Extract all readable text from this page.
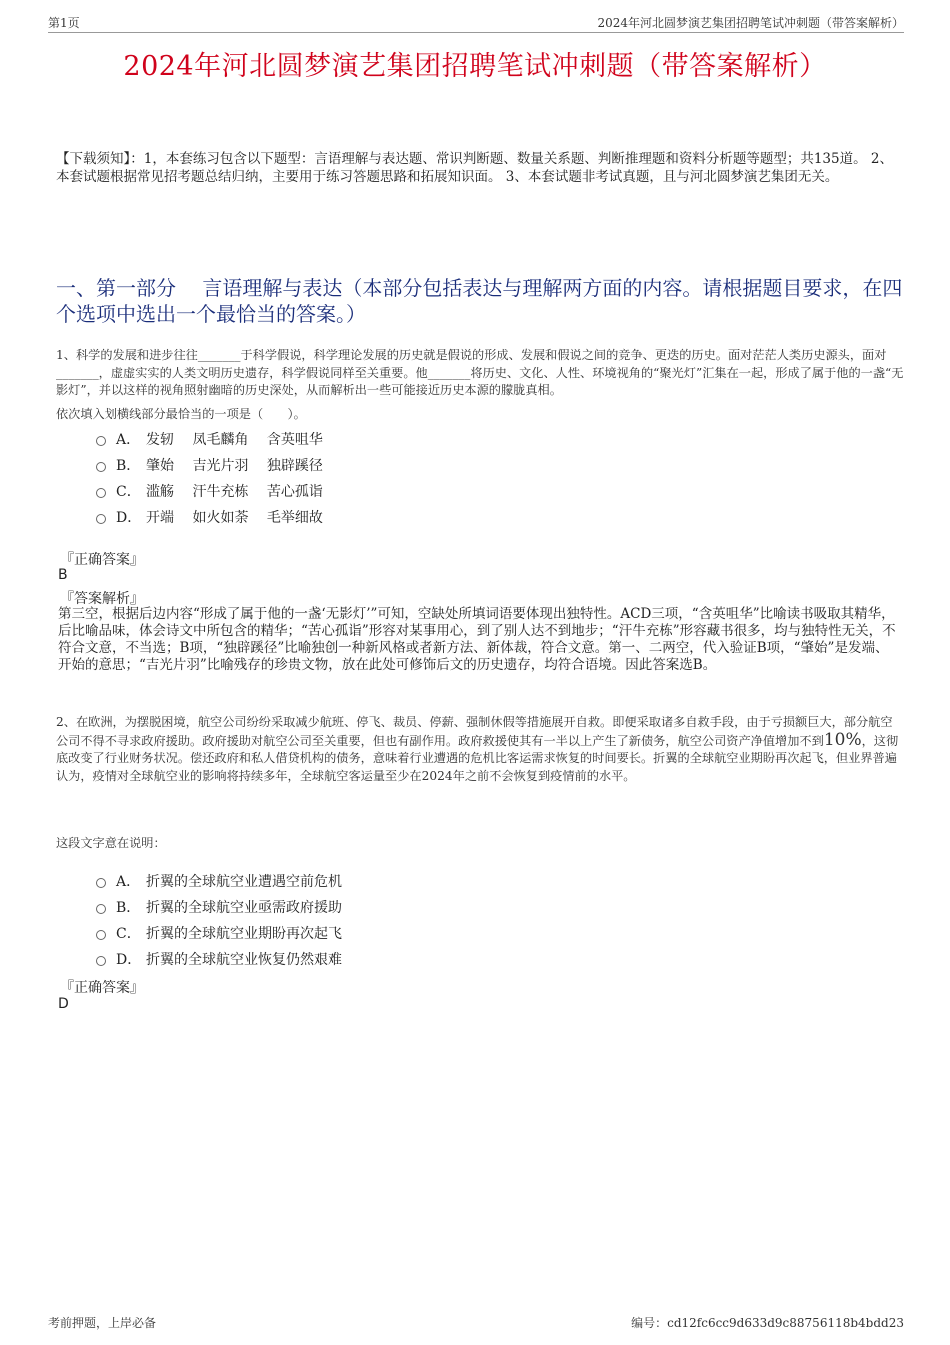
第1页	2024年河北圆梦演艺集团招聘笔试冲刺题（带答案解析）
2024年河北圆梦演艺集团招聘笔试冲刺题（带答案解析）
【下载须知】：1，本套练习包含以下题型：言语理解与表达题、常识判断题、数量关系题、判断推理题和资料分析题等题型；共135道。 2、本套试题根据常见招考题总结归纳，主要用于练习答题思路和拓展知识面。 3、本套试题非考试真题，且与河北圆梦演艺集团无关。
一、第一部分　 言语理解与表达（本部分包括表达与理解两方面的内容。请根据题目要求，在四个选项中选出一个最恰当的答案。）
1、科学的发展和进步往往_______于科学假说，科学理论发展的历史就是假说的形成、发展和假说之间的竞争、更迭的历史。面对茫茫人类历史源头，面对_______，虚虚实实的人类文明历史遗存，科学假说同样至关重要。他_______将历史、文化、人性、环境视角的“聚光灯”汇集在一起，形成了属于他的一盏“无影灯”，并以这样的视角照射幽暗的历史深处，从而解析出一些可能接近历史本源的朦胧真相。
依次填入划横线部分最恰当的一项是（　　）。
A． 发轫　 凤毛麟角　 含英咀华
B． 肇始　 吉光片羽　 独辟蹊径
C． 滥觞　 汗牛充栋　 苦心孤诣
D． 开端　 如火如荼　 毛举细故
『正确答案』
B
『答案解析』
第三空，根据后边内容“形成了属于他的一盏‘无影灯’”可知，空缺处所填词语要体现出独特性。ACD三项，“含英咀华”比喻读书吸取其精华，后比喻品味，体会诗文中所包含的精华；“苦心孤诣”形容对某事用心，到了别人达不到地步；“汗牛充栋”形容藏书很多，均与独特性无关，不符合文意，不当选；B项，“独辟蹊径”比喻独创一种新风格或者新方法、新体裁，符合文意。第一、二两空，代入验证B项，“肇始”是发端、开始的意思；“吉光片羽”比喻残存的珍贵文物，放在此处可修饰后文的历史遗存，均符合语境。因此答案选B。
2、在欧洲，为摆脱困境，航空公司纷纷采取减少航班、停飞、裁员、停薪、强制休假等措施展开自救。即便采取诸多自救手段，由于亏损额巨大，部分航空公司不得不寻求政府援助。政府援助对航空公司至关重要，但也有副作用。政府救援使其有一半以上产生了新债务，航空公司资产净值增加不到10%，这彻底改变了行业财务状况。偿还政府和私人借贷机构的债务，意味着行业遭遇的危机比客运需求恢复的时间要长。折翼的全球航空业期盼再次起飞，但业界普遍认为，疫情对全球航空业的影响将持续多年，全球航空客运量至少在2024年之前不会恢复到疫情前的水平。
这段文字意在说明：
A． 折翼的全球航空业遭遇空前危机
B． 折翼的全球航空业亟需政府援助
C． 折翼的全球航空业期盼再次起飞
D． 折翼的全球航空业恢复仍然艰难
『正确答案』
D
考前押题，上岸必备	编号：cd12fc6cc9d633d9c88756118b4bdd23
